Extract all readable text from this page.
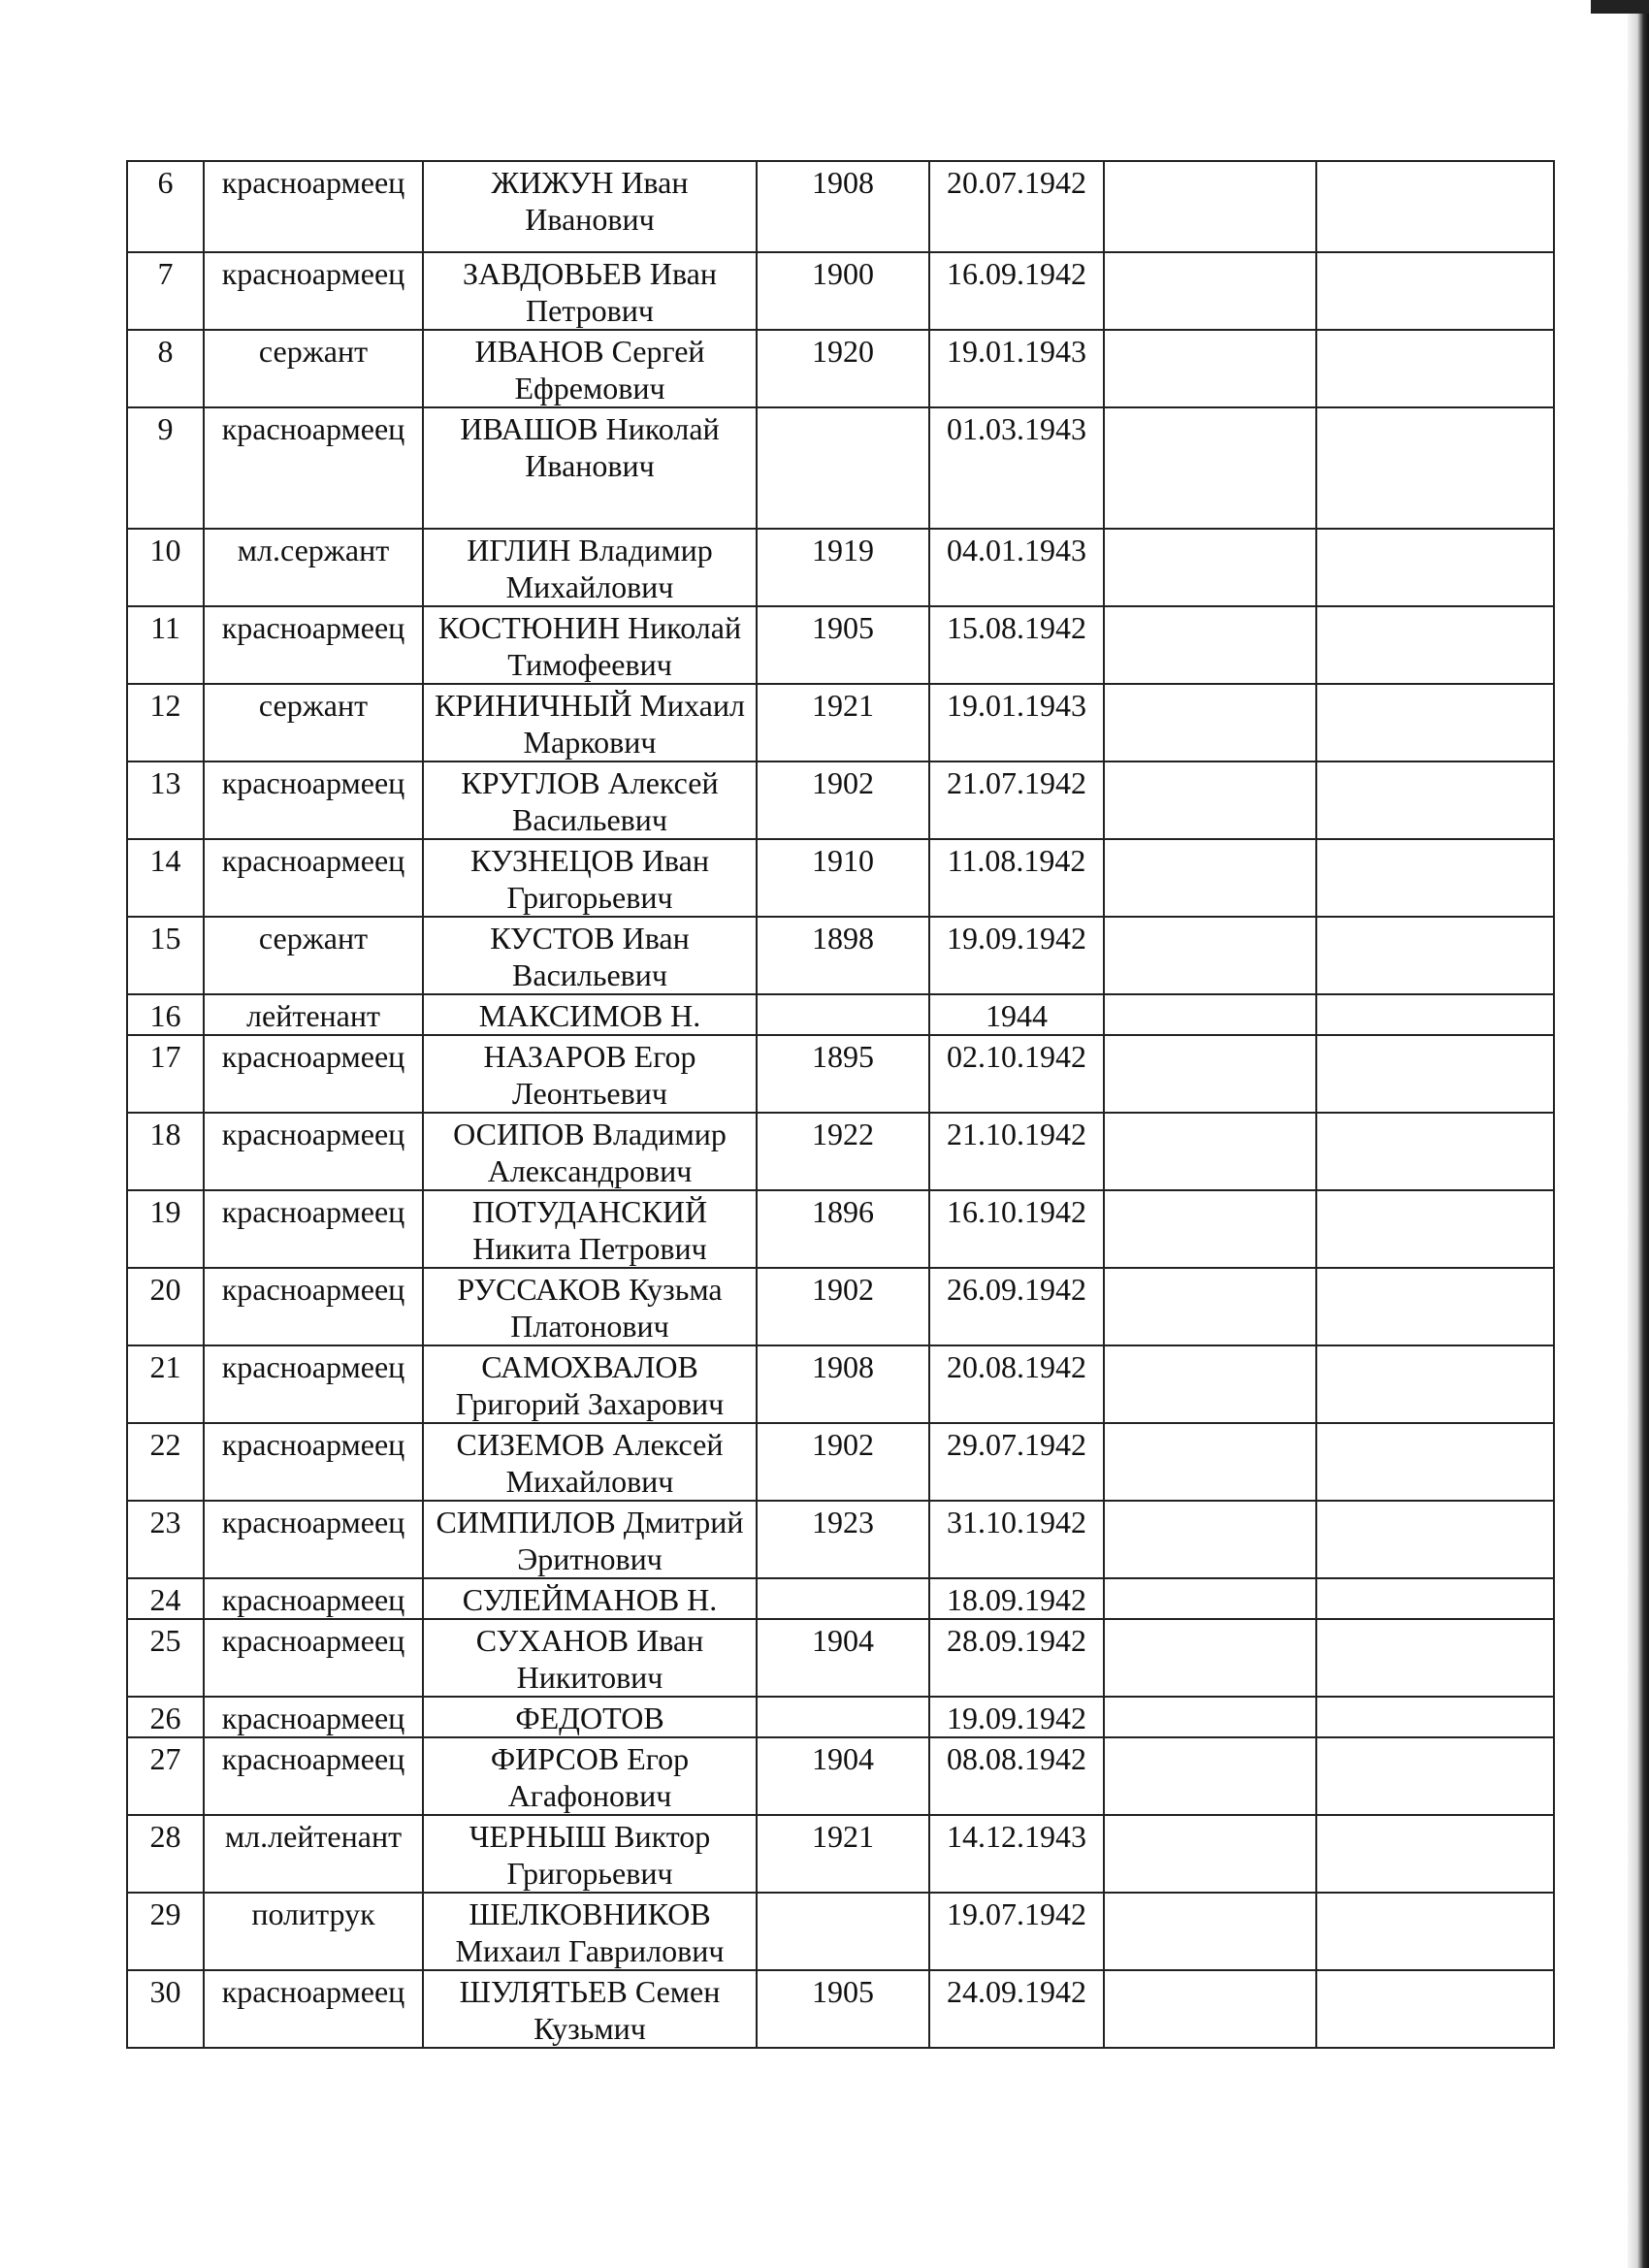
6	красноармеец	ЖИЖУН Иван Иванович	1908	20.07.1942		
7	красноармеец	ЗАВДОВЬЕВ Иван Петрович	1900	16.09.1942		
8	сержант	ИВАНОВ Сергей Ефремович	1920	19.01.1943		
9	красноармеец	ИВАШОВ Николай Иванович		01.03.1943		
10	мл.сержант	ИГЛИН Владимир Михайлович	1919	04.01.1943		
11	красноармеец	КОСТЮНИН Николай Тимофеевич	1905	15.08.1942		
12	сержант	КРИНИЧНЫЙ Михаил Маркович	1921	19.01.1943		
13	красноармеец	КРУГЛОВ Алексей Васильевич	1902	21.07.1942		
14	красноармеец	КУЗНЕЦОВ Иван Григорьевич	1910	11.08.1942		
15	сержант	КУСТОВ Иван Васильевич	1898	19.09.1942		
16	лейтенант	МАКСИМОВ Н.		1944		
17	красноармеец	НАЗАРОВ Егор Леонтьевич	1895	02.10.1942		
18	красноармеец	ОСИПОВ Владимир Александрович	1922	21.10.1942		
19	красноармеец	ПОТУДАНСКИЙ Никита Петрович	1896	16.10.1942		
20	красноармеец	РУССАКОВ Кузьма Платонович	1902	26.09.1942		
21	красноармеец	САМОХВАЛОВ Григорий Захарович	1908	20.08.1942		
22	красноармеец	СИЗЕМОВ Алексей Михайлович	1902	29.07.1942		
23	красноармеец	СИМПИЛОВ Дмитрий Эритнович	1923	31.10.1942		
24	красноармеец	СУЛЕЙМАНОВ Н.		18.09.1942		
25	красноармеец	СУХАНОВ Иван Никитович	1904	28.09.1942		
26	красноармеец	ФЕДОТОВ		19.09.1942		
27	красноармеец	ФИРСОВ Егор Агафонович	1904	08.08.1942		
28	мл.лейтенант	ЧЕРНЫШ Виктор Григорьевич	1921	14.12.1943		
29	политрук	ШЕЛКОВНИКОВ Михаил Гаврилович		19.07.1942		
30	красноармеец	ШУЛЯТЬЕВ Семен Кузьмич	1905	24.09.1942		
